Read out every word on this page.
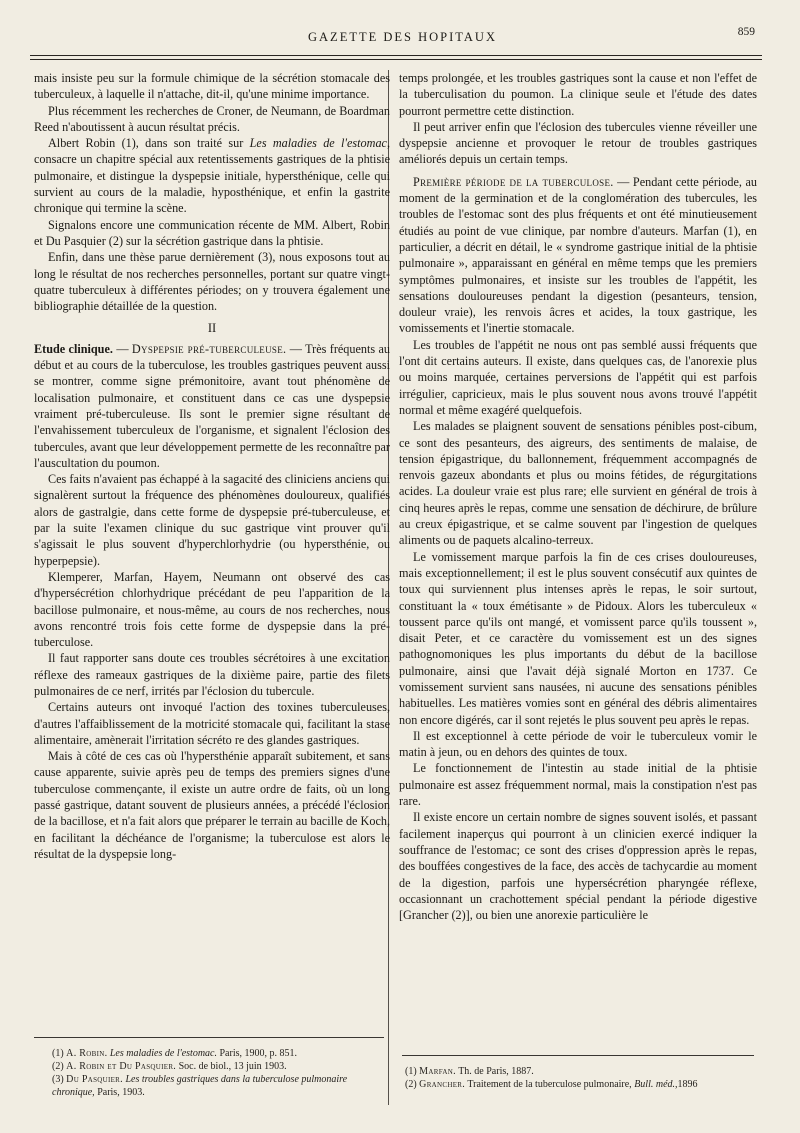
GAZETTE DES HOPITAUX	859

mais insiste peu sur la formule chimique de la sécrétion stomacale des tuberculeux, à laquelle il n'attache, dit-il, qu'une minime importance.

Plus récemment les recherches de Croner, de Neumann, de Boardman Reed n'aboutissent à aucun résultat précis.

Albert Robin (1), dans son traité sur Les maladies de l'estomac, consacre un chapitre spécial aux retentissements gastriques de la phtisie pulmonaire, et distingue la dyspepsie initiale, hypersthénique, celle qui survient au cours de la maladie, hyposthénique, et enfin la gastrite chronique qui termine la scène.

Signalons encore une communication récente de MM. Albert, Robin et Du Pasquier (2) sur la sécrétion gastrique dans la phtisie.

Enfin, dans une thèse parue dernièrement (3), nous exposons tout au long le résultat de nos recherches personnelles, portant sur quatre vingt-quatre tuberculeux à différentes périodes; on y trouvera également une bibliographie détaillée de la question.

II

Etude clinique. — Dyspepsie pré-tuberculeuse. — Très fréquents au début et au cours de la tuberculose, les troubles gastriques peuvent aussi se montrer, comme signe prémonitoire, avant tout phénomène de localisation pulmonaire, et constituent dans ce cas une dyspepsie vraiment pré-tuberculeuse. Ils sont le premier signe résultant de l'envahissement tuberculeux de l'organisme, et signalent l'éclosion des tubercules, avant que leur développement permette de les reconnaître par l'auscultation du poumon.

Ces faits n'avaient pas échappé à la sagacité des cliniciens anciens qui signalèrent surtout la fréquence des phénomènes douloureux, qualifiés alors de gastralgie, dans cette forme de dyspepsie pré-tuberculeuse, et par la suite l'examen clinique du suc gastrique vint prouver qu'il s'agissait le plus souvent d'hyperchlorhydrie (ou hypersthénie, ou hyperpepsie).

Klemperer, Marfan, Hayem, Neumann ont observé des cas d'hypersécrétion chlorhydrique précédant de peu l'apparition de la bacillose pulmonaire, et nous-même, au cours de nos recherches, nous avons rencontré trois fois cette forme de dyspepsie dans la pré-tuberculose.

Il faut rapporter sans doute ces troubles sécrétoires à une excitation réflexe des rameaux gastriques de la dixième paire, partie des filets pulmonaires de ce nerf, irrités par l'éclosion du tubercule.

Certains auteurs ont invoqué l'action des toxines tuberculeuses, d'autres l'affaiblissement de la motricité stomacale qui, facilitant la stase alimentaire, amènerait l'irritation sécréto re des glandes gastriques.

Mais à côté de ces cas où l'hypersthénie apparaît subitement, et sans cause apparente, suivie après peu de temps des premiers signes d'une tuberculose commençante, il existe un autre ordre de faits, où un long passé gastrique, datant souvent de plusieurs années, a précédé l'éclosion de la bacillose, et n'a fait alors que préparer le terrain au bacille de Koch, en facilitant la déchéance de l'organisme; la tuberculose est alors le résultat de la dyspepsie long-

temps prolongée, et les troubles gastriques sont la cause et non l'effet de la tuberculisation du poumon. La clinique seule et l'étude des dates pourront permettre cette distinction.

Il peut arriver enfin que l'éclosion des tubercules vienne réveiller une dyspepsie ancienne et provoquer le retour de troubles gastriques améliorés depuis un certain temps.

Première période de la tuberculose. — Pendant cette période, au moment de la germination et de la conglomération des tubercules, les troubles de l'estomac sont des plus fréquents et ont été minutieusement étudiés au point de vue clinique, par nombre d'auteurs. Marfan (1), en particulier, a décrit en détail, le « syndrome gastrique initial de la phtisie pulmonaire », apparaissant en général en même temps que les premiers symptômes pulmonaires, et insiste sur les troubles de l'appétit, les sensations douloureuses pendant la digestion (pesanteurs, tension, douleur vraie), les renvois âcres et acides, la toux gastrique, les vomissements et l'inertie stomacale.

Les troubles de l'appétit ne nous ont pas semblé aussi fréquents que l'ont dit certains auteurs. Il existe, dans quelques cas, de l'anorexie plus ou moins marquée, certaines perversions de l'appétit qui est parfois irrégulier, capricieux, mais le plus souvent nous avons trouvé l'appétit normal et même exagéré quelquefois.

Les malades se plaignent souvent de sensations pénibles post-cibum, ce sont des pesanteurs, des aigreurs, des sentiments de malaise, de tension épigastrique, du ballonnement, fréquemment accompagnés de renvois gazeux abondants et plus ou moins fétides, de régurgitations acides. La douleur vraie est plus rare; elle survient en général de trois à cinq heures après le repas, comme une sensation de déchirure, de brûlure au creux épigastrique, et se calme souvent par l'ingestion de quelques aliments ou de paquets alcalino-terreux.

Le vomissement marque parfois la fin de ces crises douloureuses, mais exceptionnellement; il est le plus souvent consécutif aux quintes de toux qui surviennent plus intenses après le repas, le soir surtout, constituant la « toux émétisante » de Pidoux. Alors les tuberculeux « toussent parce qu'ils ont mangé, et vomissent parce qu'ils toussent », disait Peter, et ce caractère du vomissement est un des signes pathognomoniques les plus importants du début de la bacillose pulmonaire, ainsi que l'avait déjà signalé Morton en 1737. Ce vomissement survient sans nausées, ni aucune des sensations pénibles habituelles. Les matières vomies sont en général des débris alimentaires non encore digérés, car il sont rejetés le plus souvent peu après le repas.

Il est exceptionnel à cette période de voir le tuberculeux vomir le matin à jeun, ou en dehors des quintes de toux.

Le fonctionnement de l'intestin au stade initial de la phtisie pulmonaire est assez fréquemment normal, mais la constipation n'est pas rare.

Il existe encore un certain nombre de signes souvent isolés, et passant facilement inaperçus qui pourront à un clinicien exercé indiquer la souffrance de l'estomac; ce sont des crises d'oppression après le repas, des bouffées congestives de la face, des accès de tachycardie au moment de la digestion, parfois une hypersécrétion pharyngée réflexe, occasionnant un crachottement spécial pendant la période digestive [Grancher (2)], ou bien une anorexie particulière le

(1) A. Robin. Les maladies de l'estomac. Paris, 1900, p. 851.
(2) A. Robin et Du Pasquier. Soc. de biol., 13 juin 1903.
(3) Du Pasquier. Les troubles gastriques dans la tuberculose pulmonaire chronique, Paris, 1903.
(1) Marfan. Th. de Paris, 1887.
(2) Grancher. Traitement de la tuberculose pulmonaire, Bull. méd.,1896
